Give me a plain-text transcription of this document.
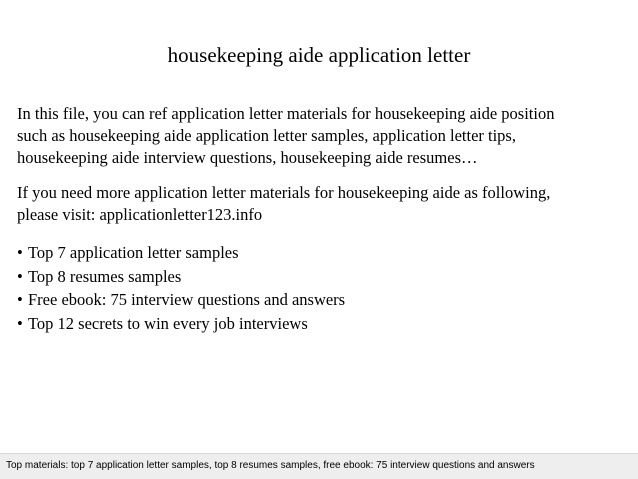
housekeeping aide application letter

In this file, you can ref application letter materials for housekeeping aide position
such as housekeeping aide application letter samples, application letter tips,
housekeeping aide interview questions, housekeeping aide resumes…

If you need more application letter materials for housekeeping aide as following,
please visit: applicationletter123.info

• Top 7 application letter samples
• Top 8 resumes samples
• Free ebook: 75 interview questions and answers
• Top 12 secrets to win every job interviews
Top materials: top 7 application letter samples, top 8 resumes samples, free ebook: 75 interview questions and answers
